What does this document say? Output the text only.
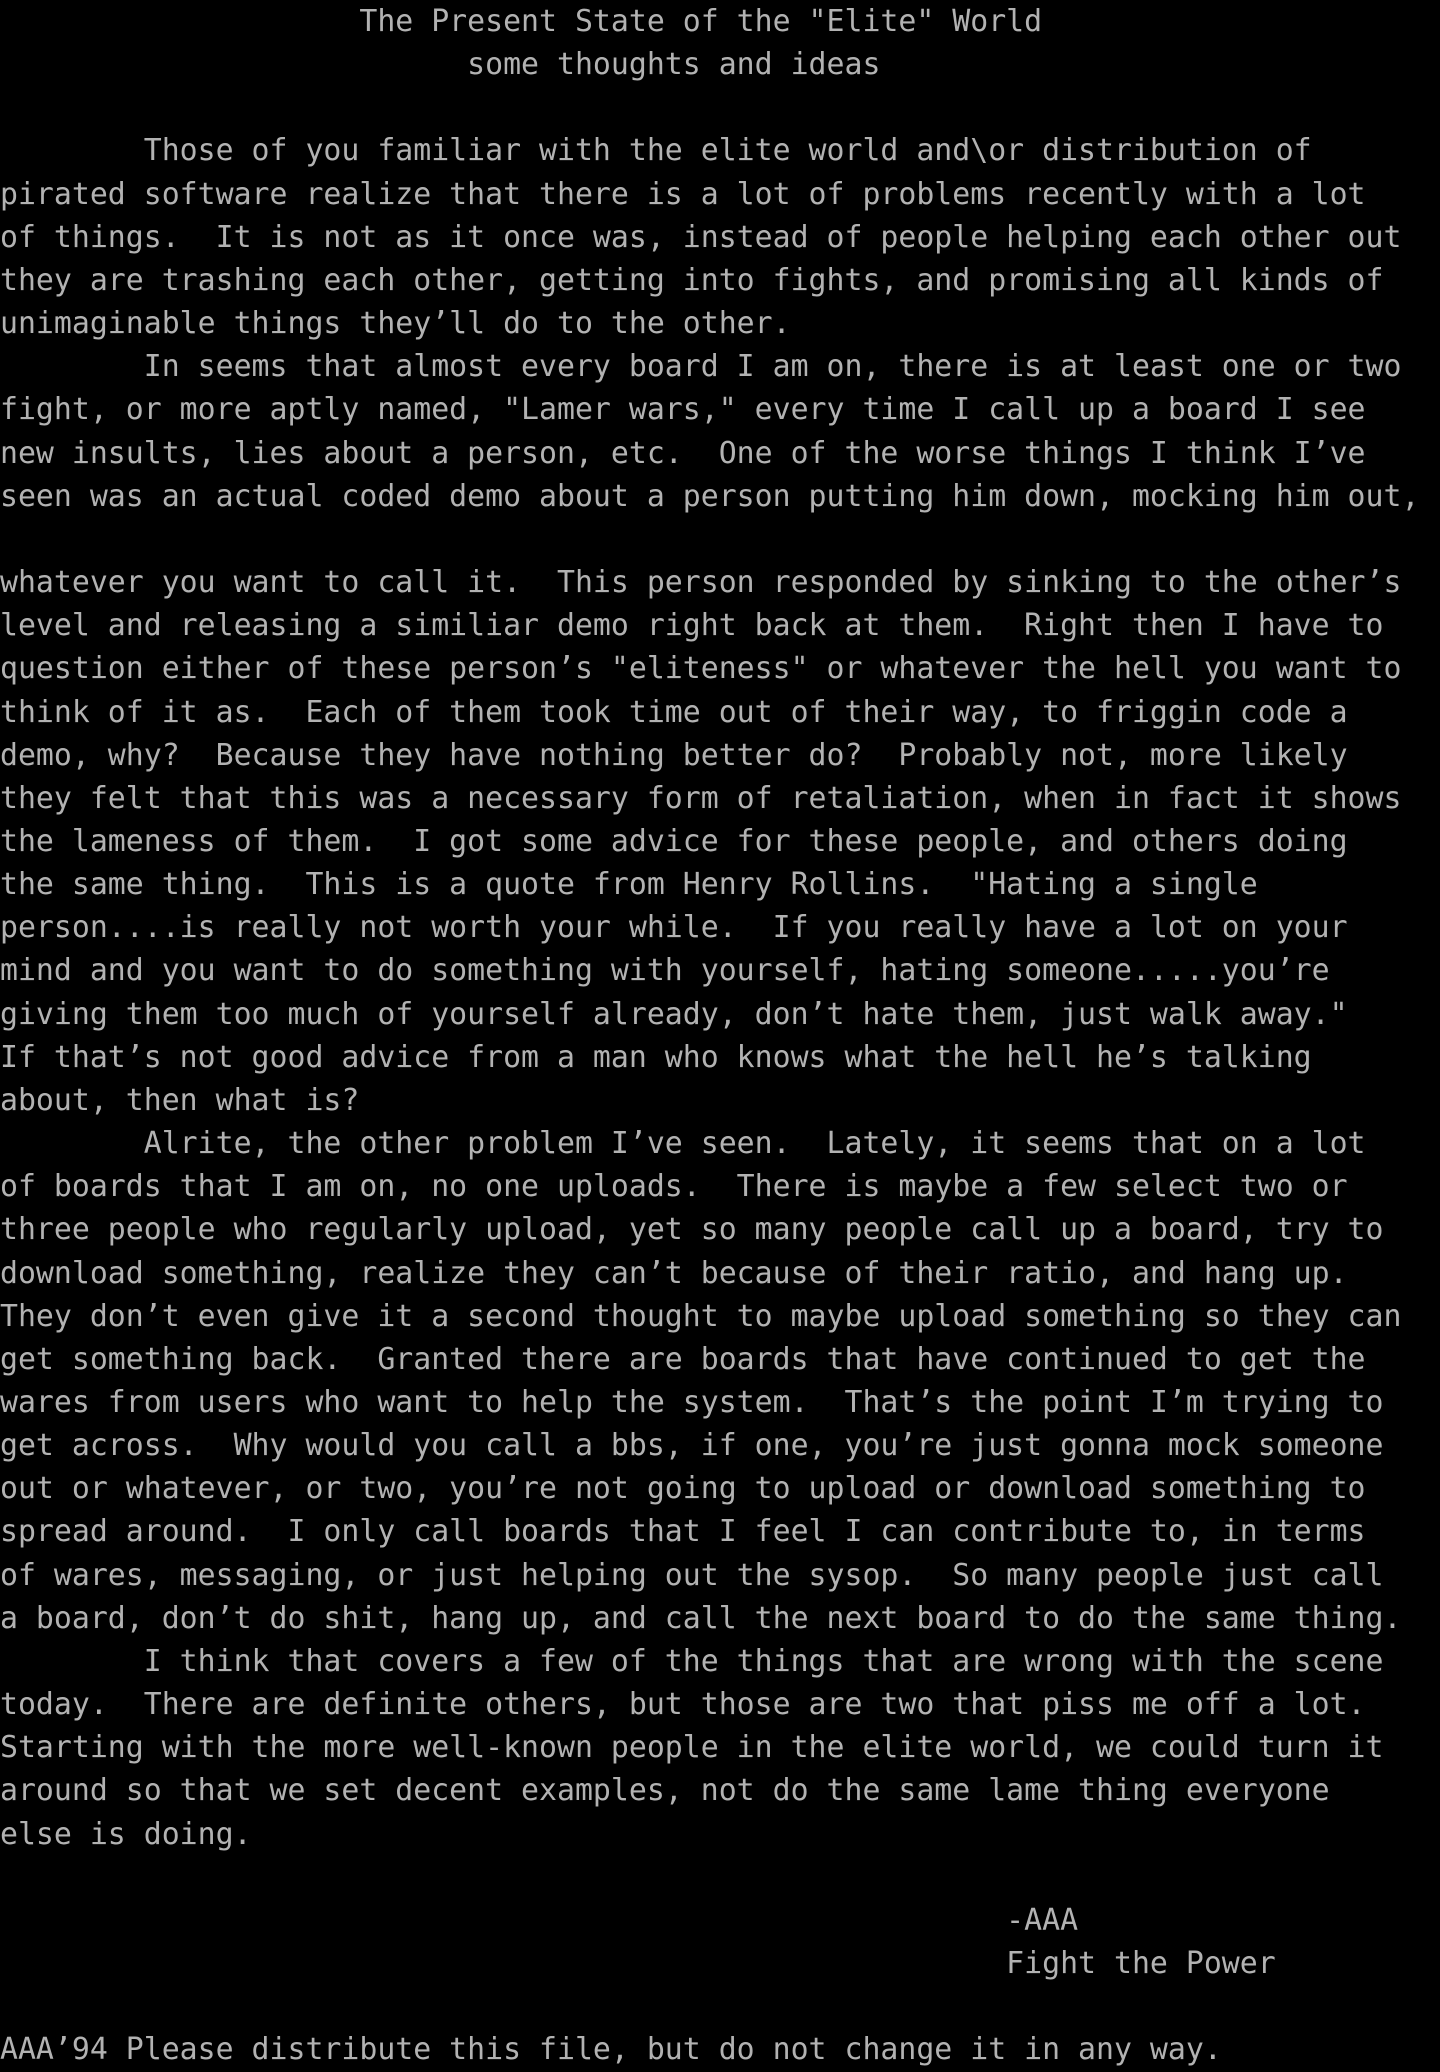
The Present State of the "Elite" World
some thoughts and ideas
Those of you familiar with the elite world and\or distribution of
pirated software realize that there is a lot of problems recently with a lot
of things.  It is not as it once was, instead of people helping each other out
they are trashing each other, getting into fights, and promising all kinds of
unimaginable things they’ll do to the other.
In seems that almost every board I am on, there is at least one or two
fight, or more aptly named, "Lamer wars," every time I call up a board I see
new insults, lies about a person, etc.  One of the worse things I think I’ve
seen was an actual coded demo about a person putting him down, mocking him out,
whatever you want to call it.  This person responded by sinking to the other’s
level and releasing a similiar demo right back at them.  Right then I have to
question either of these person’s "eliteness" or whatever the hell you want to
think of it as.  Each of them took time out of their way, to friggin code a
demo, why?  Because they have nothing better do?  Probably not, more likely
they felt that this was a necessary form of retaliation, when in fact it shows
the lameness of them.  I got some advice for these people, and others doing
the same thing.  This is a quote from Henry Rollins.  "Hating a single
person....is really not worth your while.  If you really have a lot on your
mind and you want to do something with yourself, hating someone.....you’re
giving them too much of yourself already, don’t hate them, just walk away."
If that’s not good advice from a man who knows what the hell he’s talking
about, then what is?
Alrite, the other problem I’ve seen.  Lately, it seems that on a lot
of boards that I am on, no one uploads.  There is maybe a few select two or
three people who regularly upload, yet so many people call up a board, try to
download something, realize they can’t because of their ratio, and hang up.
They don’t even give it a second thought to maybe upload something so they can
get something back.  Granted there are boards that have continued to get the
wares from users who want to help the system.  That’s the point I’m trying to
get across.  Why would you call a bbs, if one, you’re just gonna mock someone
out or whatever, or two, you’re not going to upload or download something to
spread around.  I only call boards that I feel I can contribute to, in terms
of wares, messaging, or just helping out the sysop.  So many people just call
a board, don’t do shit, hang up, and call the next board to do the same thing.
I think that covers a few of the things that are wrong with the scene
today.  There are definite others, but those are two that piss me off a lot.
Starting with the more well-known people in the elite world, we could turn it
around so that we set decent examples, not do the same lame thing everyone
else is doing.
-AAA
Fight the Power
AAA’94 Please distribute this file, but do not change it in any way.
